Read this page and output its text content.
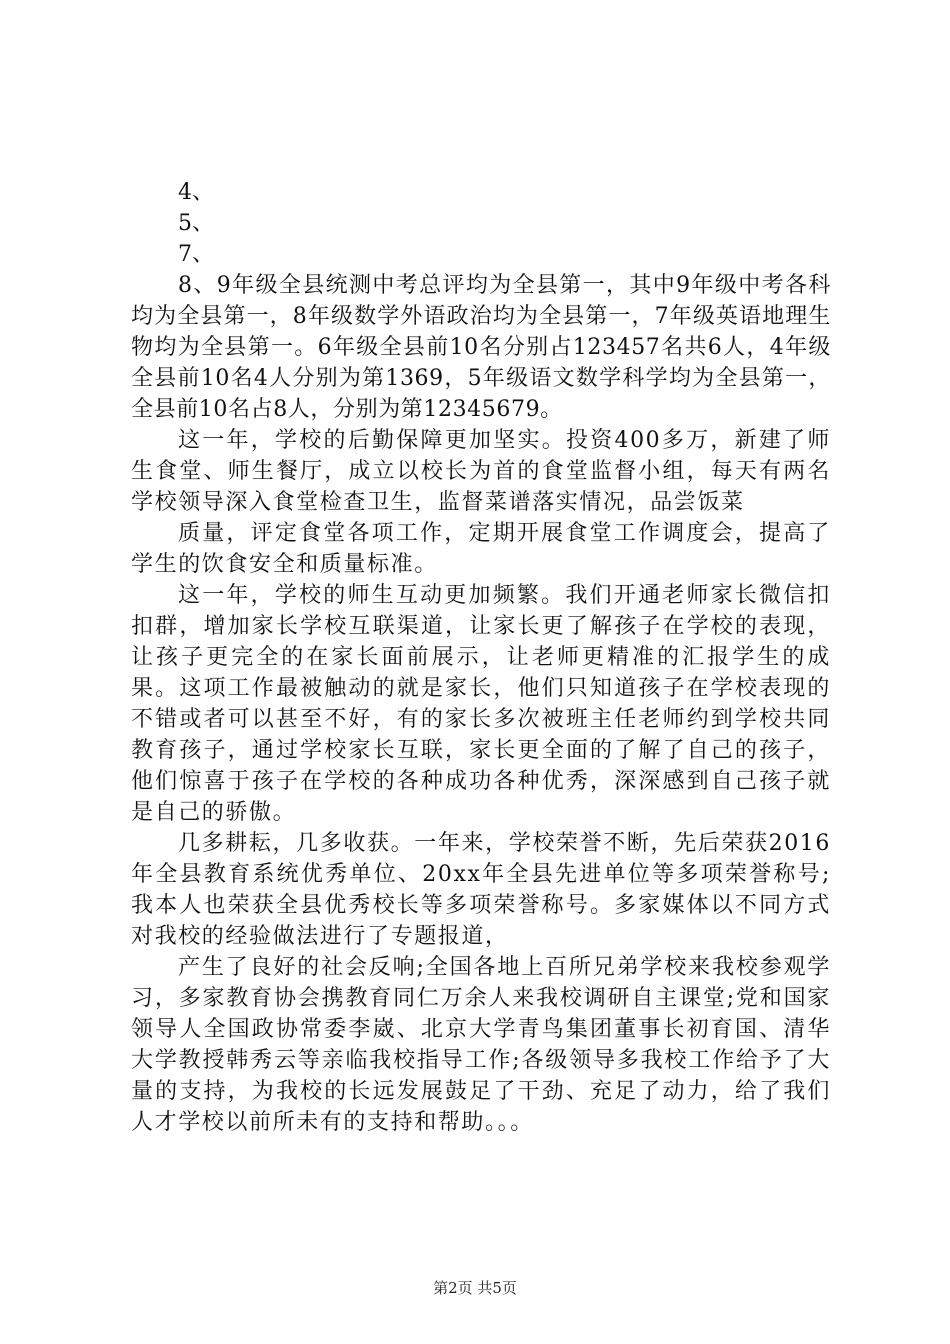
4、

5、

7、

8、9年级全县统测中考总评均为全县第一，其中9年级中考各科均为全县第一，8年级数学外语政治均为全县第一，7年级英语地理生物均为全县第一。6年级全县前10名分别占123457名共6人，4年级全县前10名4人分别为第1369，5年级语文数学科学均为全县第一，全县前10名占8人，分别为第12345679。

这一年，学校的后勤保障更加坚实。投资400多万，新建了师生食堂、师生餐厅，成立以校长为首的食堂监督小组，每天有两名学校领导深入食堂检查卫生，监督菜谱落实情况，品尝饭菜

质量，评定食堂各项工作，定期开展食堂工作调度会，提高了学生的饮食安全和质量标准。

这一年，学校的师生互动更加频繁。我们开通老师家长微信扣扣群，增加家长学校互联渠道，让家长更了解孩子在学校的表现，让孩子更完全的在家长面前展示，让老师更精准的汇报学生的成果。这项工作最被触动的就是家长，他们只知道孩子在学校表现的不错或者可以甚至不好，有的家长多次被班主任老师约到学校共同教育孩子，通过学校家长互联，家长更全面的了解了自己的孩子，他们惊喜于孩子在学校的各种成功各种优秀，深深感到自己孩子就是自己的骄傲。

几多耕耘，几多收获。一年来，学校荣誉不断，先后荣获2016年全县教育系统优秀单位、20xx年全县先进单位等多项荣誉称号;我本人也荣获全县优秀校长等多项荣誉称号。多家媒体以不同方式对我校的经验做法进行了专题报道，

产生了良好的社会反响;全国各地上百所兄弟学校来我校参观学习，多家教育协会携教育同仁万余人来我校调研自主课堂;党和国家领导人全国政协常委李崴、北京大学青鸟集团董事长初育国、清华大学教授韩秀云等亲临我校指导工作;各级领导多我校工作给予了大量的支持，为我校的长远发展鼓足了干劲、充足了动力，给了我们人才学校以前所未有的支持和帮助。。。

第2页 共5页
